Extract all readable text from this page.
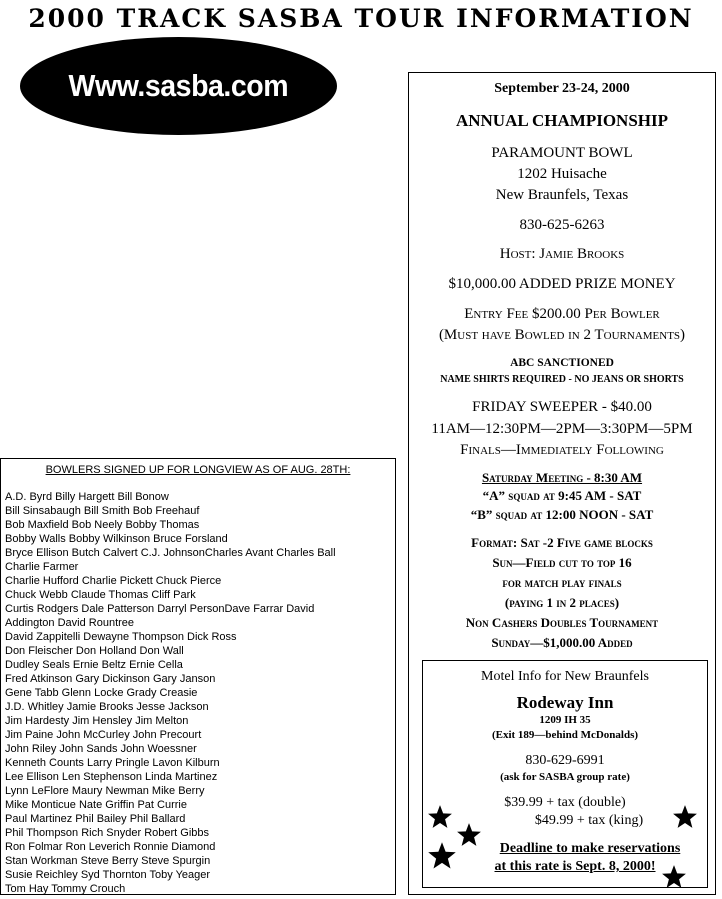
2000 TRACK SASBA TOUR INFORMATION
Www.sasba.com	September 23-24, 2000
ANNUAL CHAMPIONSHIP
PARAMOUNT BOWL
1202 Huisache
New Braunfels, Texas
830-625-6263
Host: Jamie Brooks
$10,000.00 ADDED PRIZE MONEY
Entry Fee $200.00 Per Bowler
(Must have Bowled in 2 Tournaments)
ABC SANCTIONED
NAME SHIRTS REQUIRED - NO JEANS OR SHORTS
FRIDAY SWEEPER - $40.00
11AM—12:30PM—2PM—3:30PM—5PM
Finals—Immediately Following
Saturday Meeting - 8:30 AM
“A” squad at 9:45 AM - SAT
“B” squad at 12:00 NOON - SAT
Format: Sat -2 Five game blocks
Sun—Field cut to top 16
for match play finals
(paying 1 in 2 places)
Non Cashers Doubles Tournament
Sunday—$1,000.00 Added
Motel Info for New Braunfels
Rodeway Inn
1209 IH 35
(Exit 189—behind McDonalds)
830-629-6991
(ask for SASBA group rate)
$39.99 + tax (double)
$49.99 + tax (king)
Deadline to make reservations
at this rate is Sept. 8, 2000!
BOWLERS SIGNED UP FOR LONGVIEW AS OF AUG. 28TH:
A.D. Byrd Billy Hargett Bill Bonow
Bill Sinsabaugh Bill Smith Bob Freehauf
Bob Maxfield Bob Neely Bobby Thomas
Bobby Walls Bobby Wilkinson Bruce Forsland
Bryce Ellison Butch Calvert C.J. JohnsonCharles Avant Charles Ball
Charlie Farmer
Charlie Hufford Charlie Pickett Chuck Pierce
Chuck Webb Claude Thomas Cliff Park
Curtis Rodgers Dale Patterson Darryl PersonDave Farrar David
Addington David Rountree
David Zappitelli Dewayne Thompson Dick Ross
Don Fleischer Don Holland Don Wall
Dudley Seals Ernie Beltz Ernie Cella
Fred Atkinson Gary Dickinson Gary Janson
Gene Tabb Glenn Locke Grady Creasie
J.D. Whitley Jamie Brooks Jesse Jackson
Jim Hardesty Jim Hensley Jim Melton
Jim Paine John McCurley John Precourt
John Riley John Sands John Woessner
Kenneth Counts Larry Pringle Lavon Kilburn
Lee Ellison Len Stephenson Linda Martinez
Lynn LeFlore Maury Newman Mike Berry
Mike Monticue Nate Griffin Pat Currie
Paul Martinez Phil Bailey Phil Ballard
Phil Thompson Rich Snyder Robert Gibbs
Ron Folmar Ron Leverich Ronnie Diamond
Stan Workman Steve Berry Steve Spurgin
Susie Reichley Syd Thornton Toby Yeager
Tom Hay Tommy Crouch
